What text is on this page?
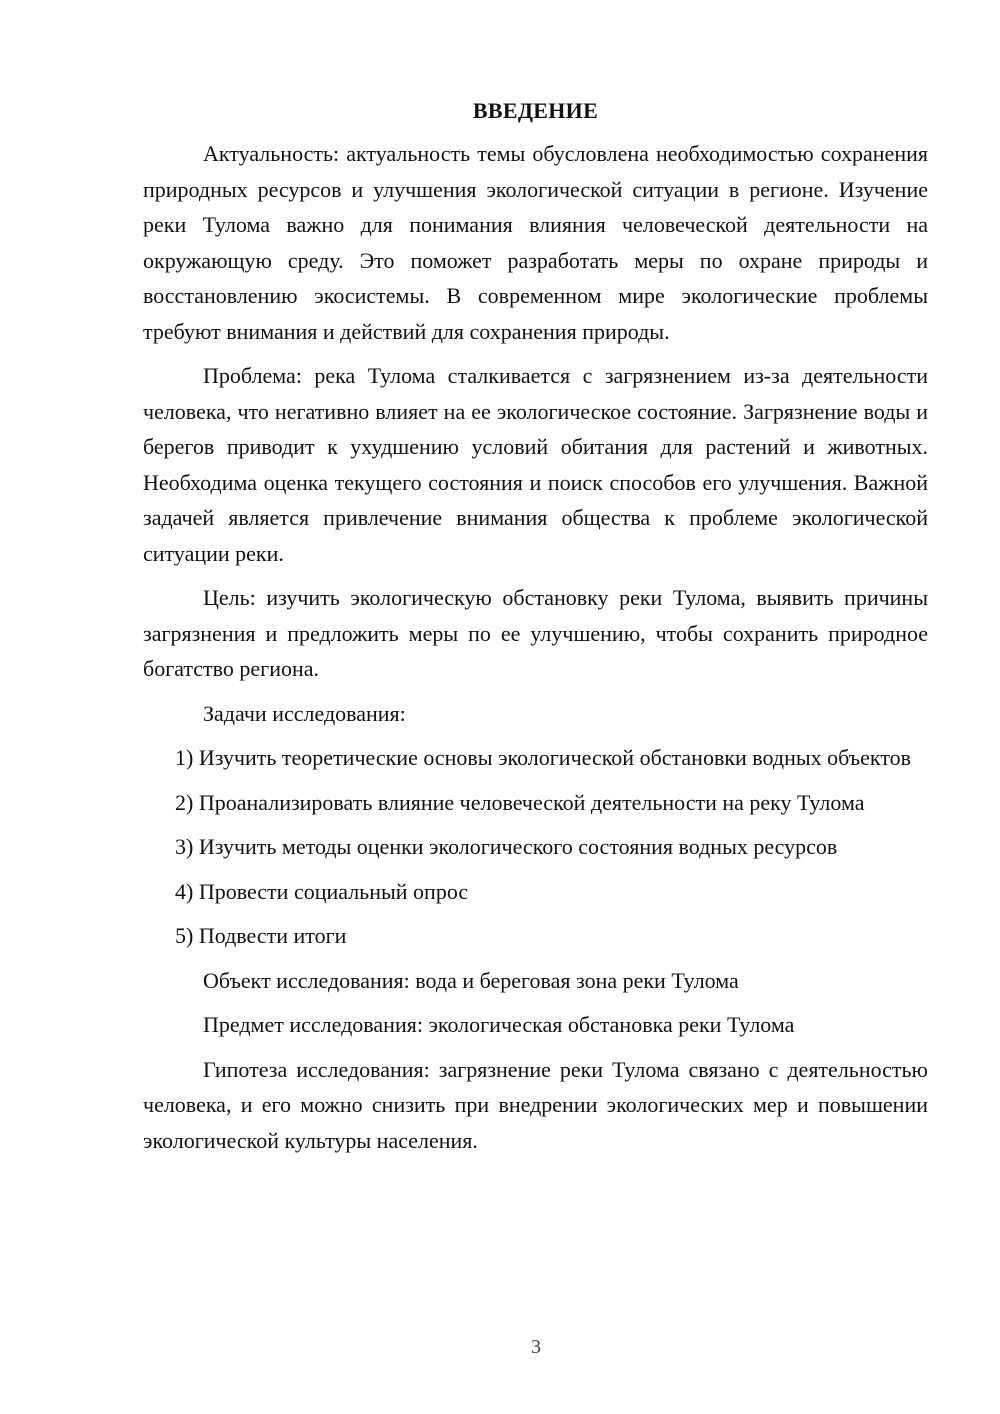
ВВЕДЕНИЕ

Актуальность: актуальность темы обусловлена необходимостью сохранения природных ресурсов и улучшения экологической ситуации в регионе. Изучение реки Тулома важно для понимания влияния человеческой деятельности на окружающую среду. Это поможет разработать меры по охране природы и восстановлению экосистемы. В современном мире экологические проблемы требуют внимания и действий для сохранения природы.

Проблема: река Тулома сталкивается с загрязнением из-за деятельности человека, что негативно влияет на ее экологическое состояние. Загрязнение воды и берегов приводит к ухудшению условий обитания для растений и животных. Необходима оценка текущего состояния и поиск способов его улучшения. Важной задачей является привлечение внимания общества к проблеме экологической ситуации реки.

Цель: изучить экологическую обстановку реки Тулома, выявить причины загрязнения и предложить меры по ее улучшению, чтобы сохранить природное богатство региона.

Задачи исследования:

1) Изучить теоретические основы экологической обстановки водных объектов

2) Проанализировать влияние человеческой деятельности на реку Тулома

3) Изучить методы оценки экологического состояния водных ресурсов

4) Провести социальный опрос

5) Подвести итоги

Объект исследования: вода и береговая зона реки Тулома

Предмет исследования: экологическая обстановка реки Тулома

Гипотеза исследования: загрязнение реки Тулома связано с деятельностью человека, и его можно снизить при внедрении экологических мер и повышении экологической культуры населения.

3
